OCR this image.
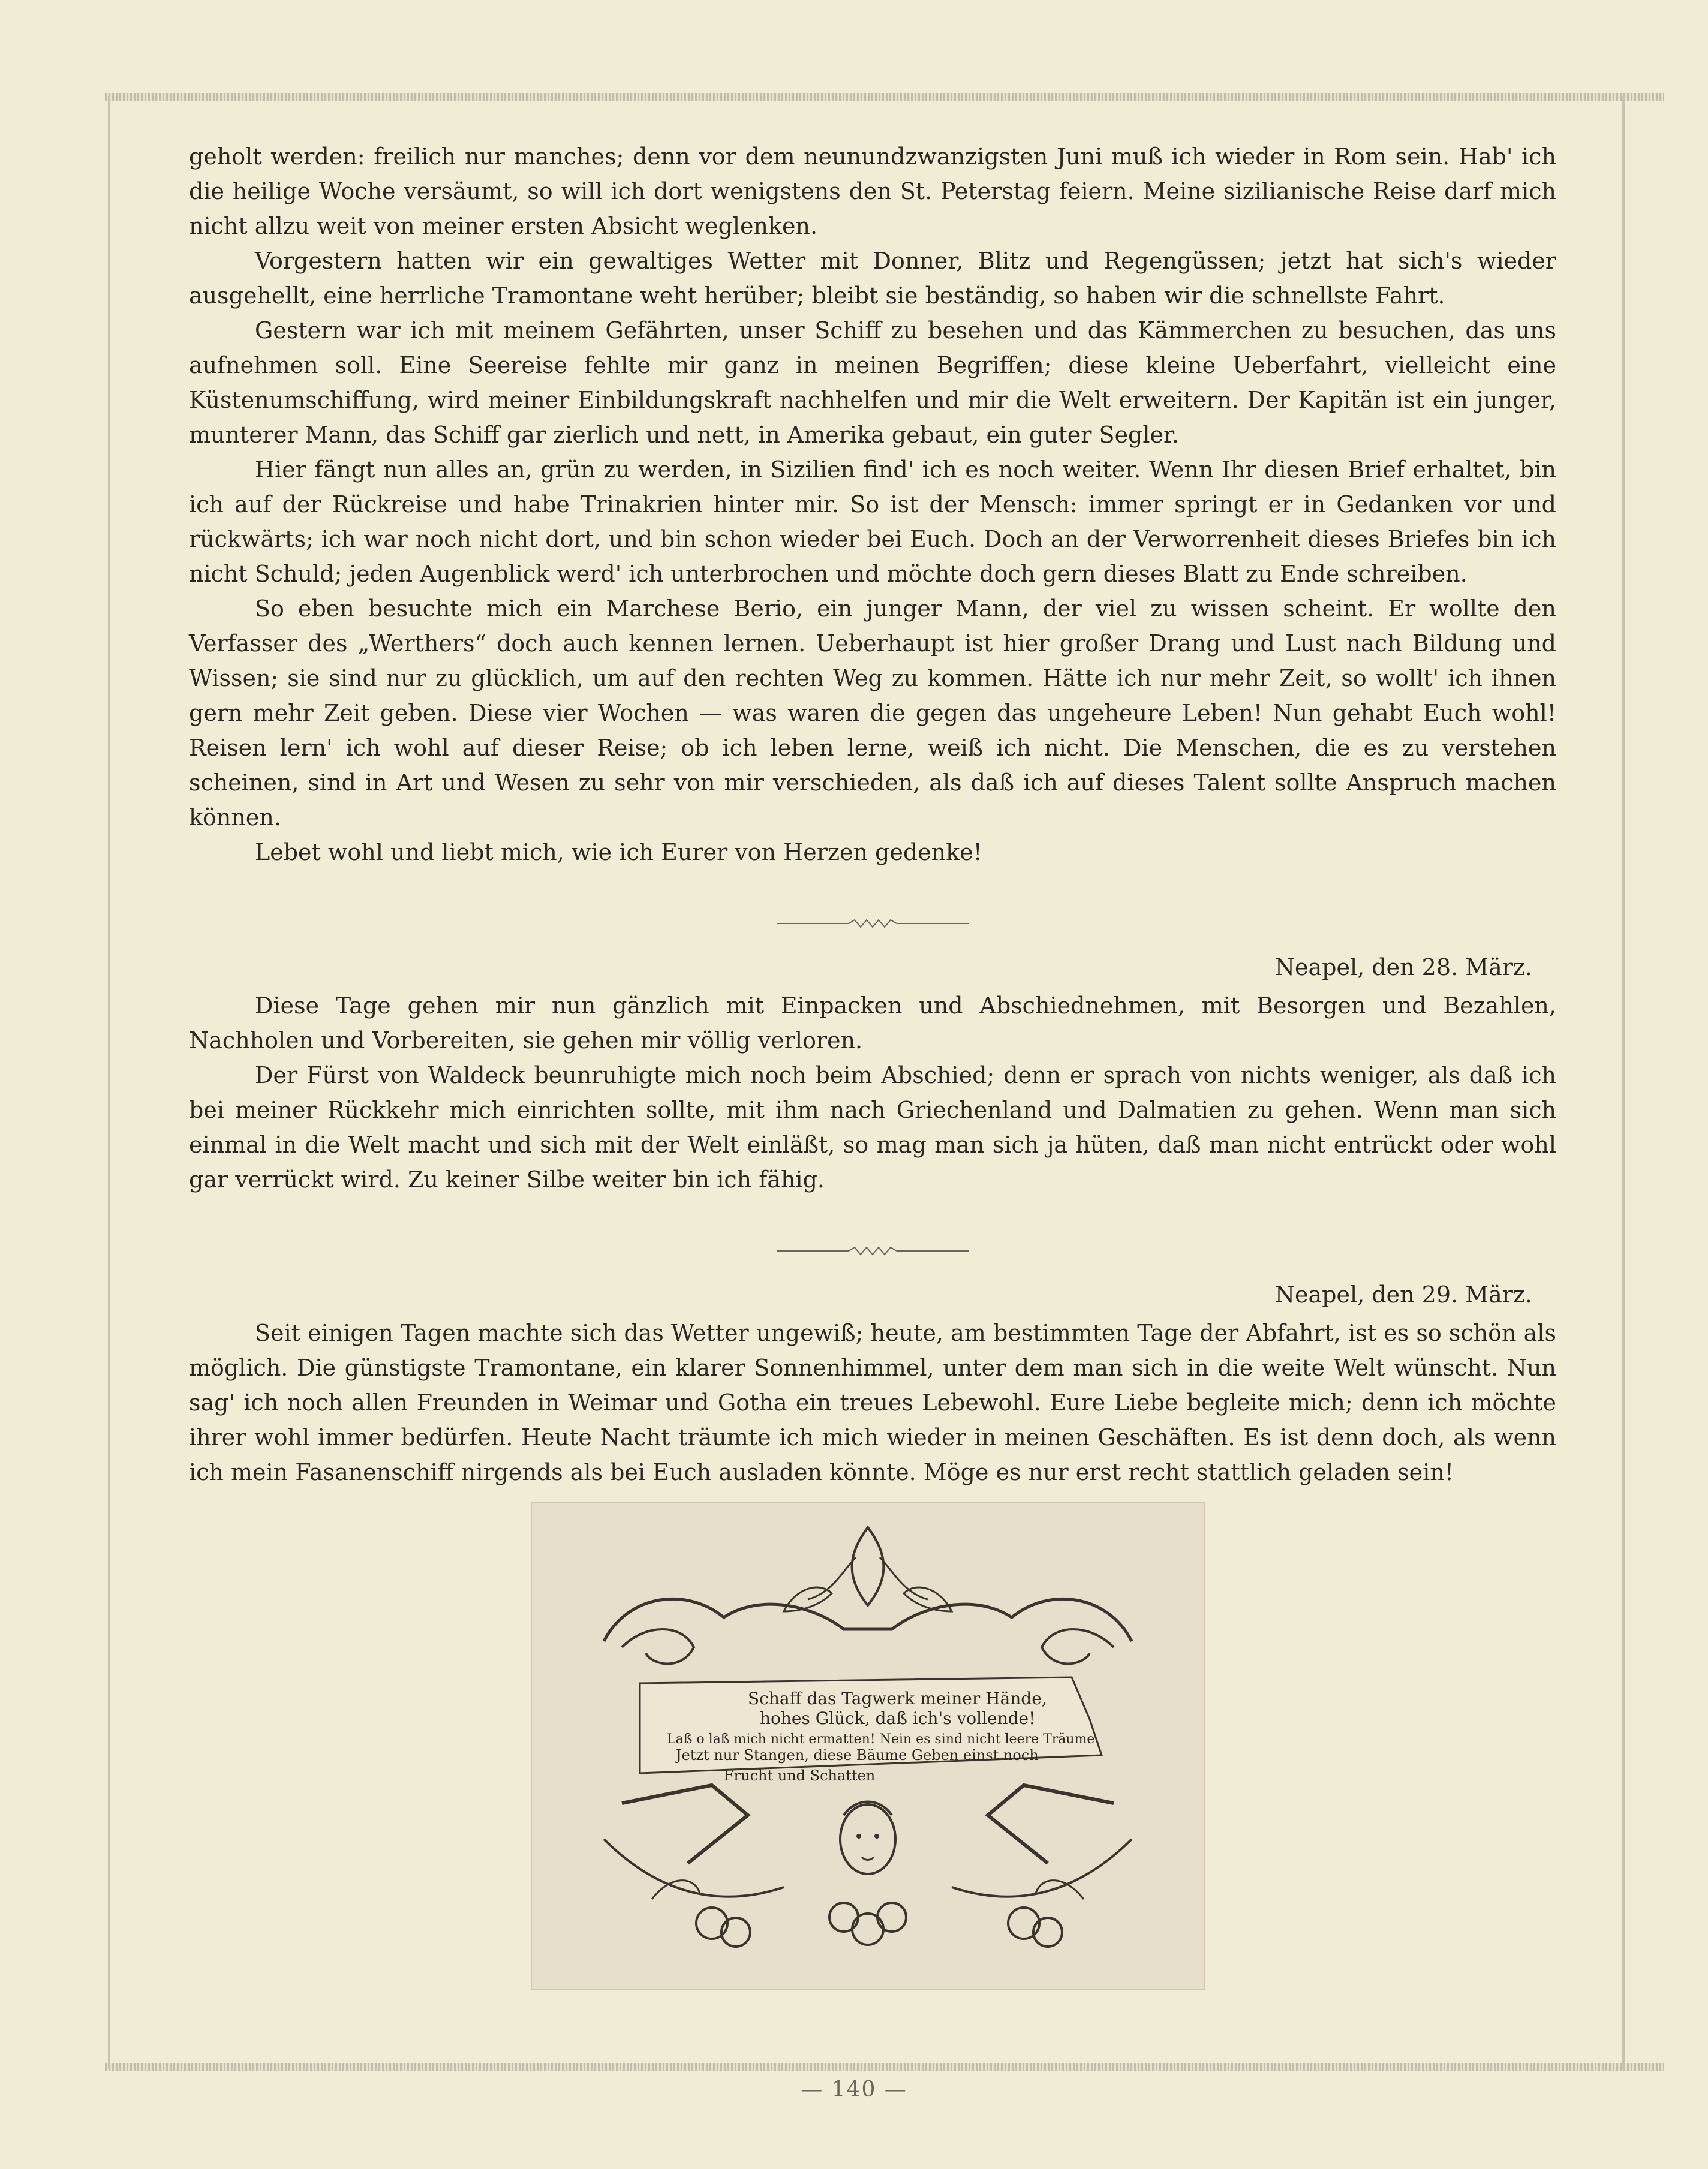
geholt werden: freilich nur manches; denn vor dem neunundzwanzigsten Juni muß ich wieder in Rom sein. Hab' ich die heilige Woche versäumt, so will ich dort wenigstens den St. Peterstag feiern. Meine sizilianische Reise darf mich nicht allzu weit von meiner ersten Absicht weglenken.

Vorgestern hatten wir ein gewaltiges Wetter mit Donner, Blitz und Regengüssen; jetzt hat sich's wieder ausgehellt, eine herrliche Tramontane weht herüber; bleibt sie beständig, so haben wir die schnellste Fahrt.

Gestern war ich mit meinem Gefährten, unser Schiff zu besehen und das Kämmerchen zu besuchen, das uns aufnehmen soll. Eine Seereise fehlte mir ganz in meinen Begriffen; diese kleine Ueberfahrt, vielleicht eine Küstenumschiffung, wird meiner Einbildungskraft nachhelfen und mir die Welt erweitern. Der Kapitän ist ein junger, munterer Mann, das Schiff gar zierlich und nett, in Amerika gebaut, ein guter Segler.

Hier fängt nun alles an, grün zu werden, in Sizilien find' ich es noch weiter. Wenn Ihr diesen Brief erhaltet, bin ich auf der Rückreise und habe Trinakrien hinter mir. So ist der Mensch: immer springt er in Gedanken vor und rückwärts; ich war noch nicht dort, und bin schon wieder bei Euch. Doch an der Verworrenheit dieses Briefes bin ich nicht Schuld; jeden Augenblick werd' ich unterbrochen und möchte doch gern dieses Blatt zu Ende schreiben.

So eben besuchte mich ein Marchese Berio, ein junger Mann, der viel zu wissen scheint. Er wollte den Verfasser des „Werthers“ doch auch kennen lernen. Ueberhaupt ist hier großer Drang und Lust nach Bildung und Wissen; sie sind nur zu glücklich, um auf den rechten Weg zu kommen. Hätte ich nur mehr Zeit, so wollt' ich ihnen gern mehr Zeit geben. Diese vier Wochen — was waren die gegen das ungeheure Leben! Nun gehabt Euch wohl! Reisen lern' ich wohl auf dieser Reise; ob ich leben lerne, weiß ich nicht. Die Menschen, die es zu verstehen scheinen, sind in Art und Wesen zu sehr von mir verschieden, als daß ich auf dieses Talent sollte Anspruch machen können.

Lebet wohl und liebt mich, wie ich Eurer von Herzen gedenke!

Neapel, den 28. März.

Diese Tage gehen mir nun gänzlich mit Einpacken und Abschiednehmen, mit Besorgen und Bezahlen, Nachholen und Vorbereiten, sie gehen mir völlig verloren.

Der Fürst von Waldeck beunruhigte mich noch beim Abschied; denn er sprach von nichts weniger, als daß ich bei meiner Rückkehr mich einrichten sollte, mit ihm nach Griechenland und Dalmatien zu gehen. Wenn man sich einmal in die Welt macht und sich mit der Welt einläßt, so mag man sich ja hüten, daß man nicht entrückt oder wohl gar verrückt wird. Zu keiner Silbe weiter bin ich fähig.

Neapel, den 29. März.

Seit einigen Tagen machte sich das Wetter ungewiß; heute, am bestimmten Tage der Abfahrt, ist es so schön als möglich. Die günstigste Tramontane, ein klarer Sonnenhimmel, unter dem man sich in die weite Welt wünscht. Nun sag' ich noch allen Freunden in Weimar und Gotha ein treues Lebewohl. Eure Liebe begleite mich; denn ich möchte ihrer wohl immer bedürfen. Heute Nacht träumte ich mich wieder in meinen Geschäften. Es ist denn doch, als wenn ich mein Fasanenschiff nirgends als bei Euch ausladen könnte. Möge es nur erst recht stattlich geladen sein!

Schaff das Tagwerk meiner Hände,
hohes Glück, daß ich's vollende!
Laß o laß mich nicht ermatten! Nein es sind nicht leere Träume
Jetzt nur Stangen, diese Bäume Geben einst noch
Frucht und Schatten
— 140 —
